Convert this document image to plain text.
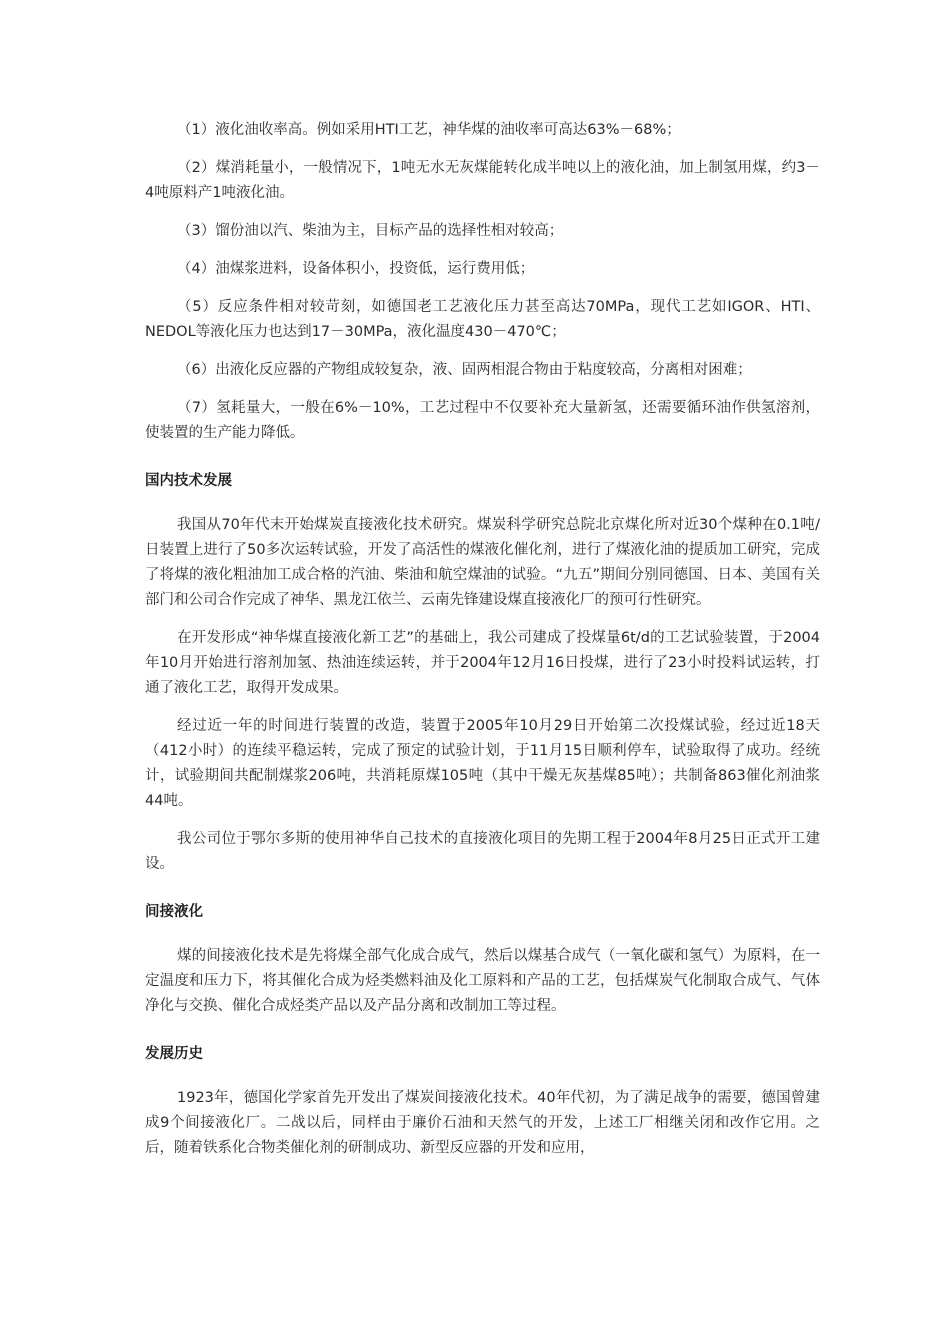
（1）液化油收率高。例如采用HTI工艺，神华煤的油收率可高达63%－68%；

（2）煤消耗量小，一般情况下，1吨无水无灰煤能转化成半吨以上的液化油，加上制氢用煤，约3－4吨原料产1吨液化油。

（3）馏份油以汽、柴油为主，目标产品的选择性相对较高；

（4）油煤浆进料，设备体积小，投资低，运行费用低；

（5）反应条件相对较苛刻，如德国老工艺液化压力甚至高达70MPa，现代工艺如IGOR、HTI、NEDOL等液化压力也达到17－30MPa，液化温度430－470℃；

（6）出液化反应器的产物组成较复杂，液、固两相混合物由于粘度较高，分离相对困难；

（7）氢耗量大，一般在6%－10%，工艺过程中不仅要补充大量新氢，还需要循环油作供氢溶剂，使装置的生产能力降低。

国内技术发展

我国从70年代末开始煤炭直接液化技术研究。煤炭科学研究总院北京煤化所对近30个煤种在0.1吨/日装置上进行了50多次运转试验，开发了高活性的煤液化催化剂，进行了煤液化油的提质加工研究，完成了将煤的液化粗油加工成合格的汽油、柴油和航空煤油的试验。“九五”期间分别同德国、日本、美国有关部门和公司合作完成了神华、黑龙江依兰、云南先锋建设煤直接液化厂的预可行性研究。

在开发形成“神华煤直接液化新工艺”的基础上，我公司建成了投煤量6t/d的工艺试验装置，于2004年10月开始进行溶剂加氢、热油连续运转，并于2004年12月16日投煤，进行了23小时投料试运转，打通了液化工艺，取得开发成果。

经过近一年的时间进行装置的改造，装置于2005年10月29日开始第二次投煤试验，经过近18天（412小时）的连续平稳运转，完成了预定的试验计划，于11月15日顺利停车，试验取得了成功。经统计，试验期间共配制煤浆206吨，共消耗原煤105吨（其中干燥无灰基煤85吨）；共制备863催化剂油浆44吨。

我公司位于鄂尔多斯的使用神华自己技术的直接液化项目的先期工程于2004年8月25日正式开工建设。

间接液化

煤的间接液化技术是先将煤全部气化成合成气，然后以煤基合成气（一氧化碳和氢气）为原料，在一定温度和压力下，将其催化合成为烃类燃料油及化工原料和产品的工艺，包括煤炭气化制取合成气、气体净化与交换、催化合成烃类产品以及产品分离和改制加工等过程。

发展历史

1923年，德国化学家首先开发出了煤炭间接液化技术。40年代初，为了满足战争的需要，德国曾建成9个间接液化厂。二战以后，同样由于廉价石油和天然气的开发，上述工厂相继关闭和改作它用。之后，随着铁系化合物类催化剂的研制成功、新型反应器的开发和应用，
